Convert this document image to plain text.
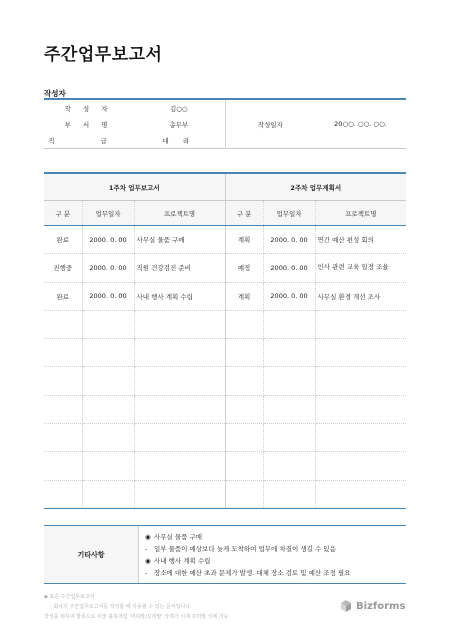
주간업무보고서
작성자
작 성 자	김○○	작성일자	20○○. ○○. ○○.
부 서 명	총무부		
직 급	대 리		
1주차 업무보고서			2주차 업무계획서		
구 분	업무일자	프로젝트명	구 분	업무일자	프로젝트명
완료	2000. 0. 00	사무실 물품 구매	계획	2000. 0. 00	연간 예산 편성 회의
진행중	2000. 0. 00	직원 건강검진 준비	예정	2000. 0. 00	인사 관련 교육 일정 조율
완료	2000. 0. 00	사내 행사 계획 수립	계획	2000. 0. 00	사무실 환경 개선 조사

기타사항
◉ 사무실 물품 구매
- 일부 물품이 예상보다 늦게 도착하여 업무에 차질이 생길 수 있음
◉ 사내 행사 계획 수립
- 장소에 대한 예산 초과 문제가 발생. 대체 장소 검토 및 예산 조정 필요
◆ 표준 주간업무보고서
- 회사의 주간업무보고서를 작성할 때 사용할 수 있는 문서입니다.
작성을 위하여 항목으로 미술 블록처럼 '머리말/꼬리말' 삭제가 이제 꼬리말 삭제 가능
Bizforms
